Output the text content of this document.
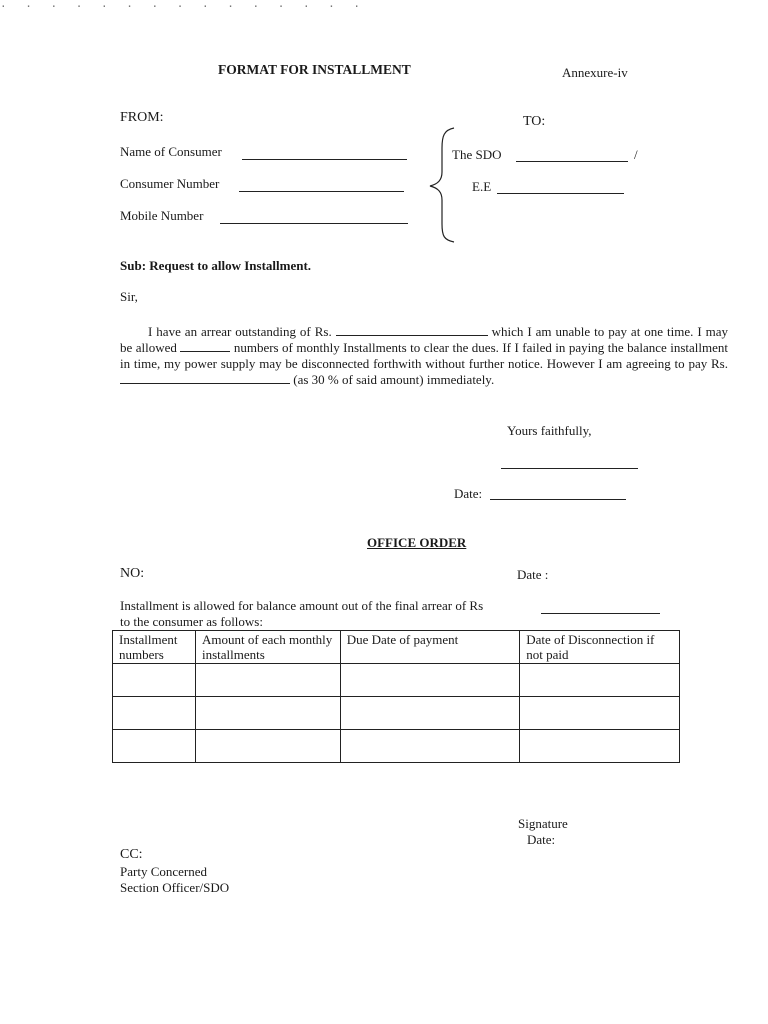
· · · · · · · · · · · · · · ·
FORMAT FOR INSTALLMENT	Annexure-iv
FROM:
Name of Consumer
Consumer Number
Mobile Number
TO:
The SDO	/
E.E
Sub: Request to allow Installment.
Sir,
I have an arrear outstanding of Rs.	which I am unable to pay at one time. I may be allowed	numbers of monthly Installments to clear the dues. If I failed in paying the balance installment in time, my power supply may be disconnected forthwith without further notice. However I am agreeing to pay Rs.  (as 30 % of said amount) immediately.
Yours faithfully,
Date:
OFFICE ORDER
NO:	Date :
Installment is allowed for balance amount out of the final arrear of Rs
to the consumer as follows:
Installment numbers	Amount of each monthly installments	Due Date of payment	Date of Disconnection if not paid

Signature
Date:
CC:
Party Concerned
Section Officer/SDO
